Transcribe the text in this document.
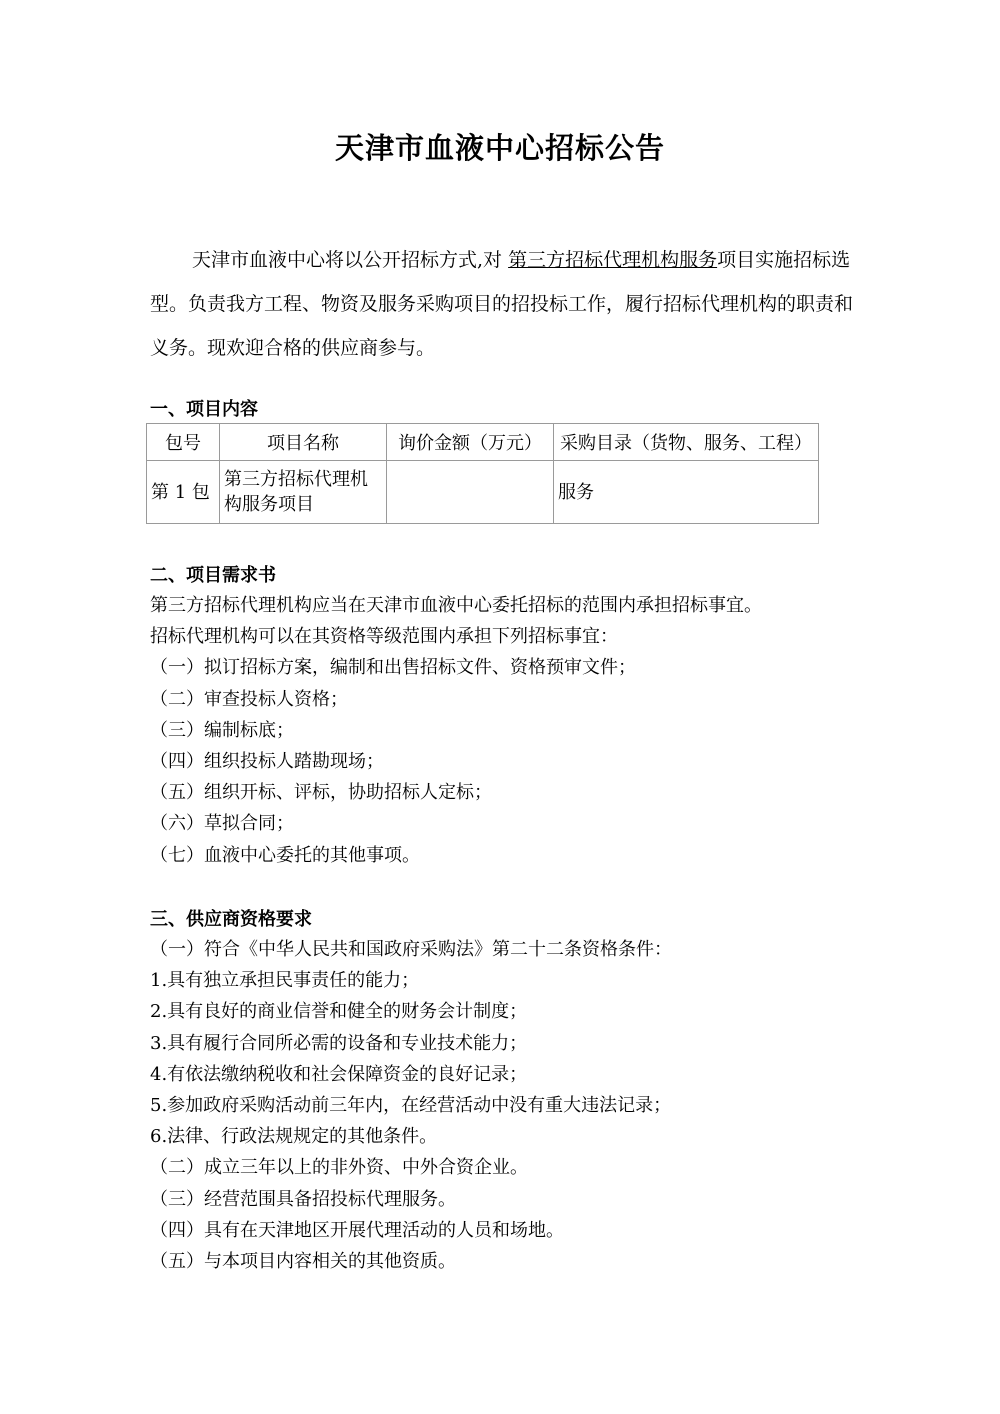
天津市血液中心招标公告
天津市血液中心将以公开招标方式,对 第三方招标代理机构服务项目实施招标选型。负责我方工程、物资及服务采购项目的招投标工作，履行招标代理机构的职责和义务。现欢迎合格的供应商参与。
一、项目内容
包号	项目名称	询价金额（万元）	采购目录（货物、服务、工程）
第 1 包	第三方招标代理机构服务项目		服务
二、项目需求书
第三方招标代理机构应当在天津市血液中心委托招标的范围内承担招标事宜。
招标代理机构可以在其资格等级范围内承担下列招标事宜：
（一）拟订招标方案，编制和出售招标文件、资格预审文件；
（二）审查投标人资格；
（三）编制标底；
（四）组织投标人踏勘现场；
（五）组织开标、评标，协助招标人定标；
（六）草拟合同；
（七）血液中心委托的其他事项。
三、供应商资格要求
（一）符合《中华人民共和国政府采购法》第二十二条资格条件：
1.具有独立承担民事责任的能力；
2.具有良好的商业信誉和健全的财务会计制度；
3.具有履行合同所必需的设备和专业技术能力；
4.有依法缴纳税收和社会保障资金的良好记录；
5.参加政府采购活动前三年内，在经营活动中没有重大违法记录；
6.法律、行政法规规定的其他条件。
（二）成立三年以上的非外资、中外合资企业。
（三）经营范围具备招投标代理服务。
（四）具有在天津地区开展代理活动的人员和场地。
（五）与本项目内容相关的其他资质。
